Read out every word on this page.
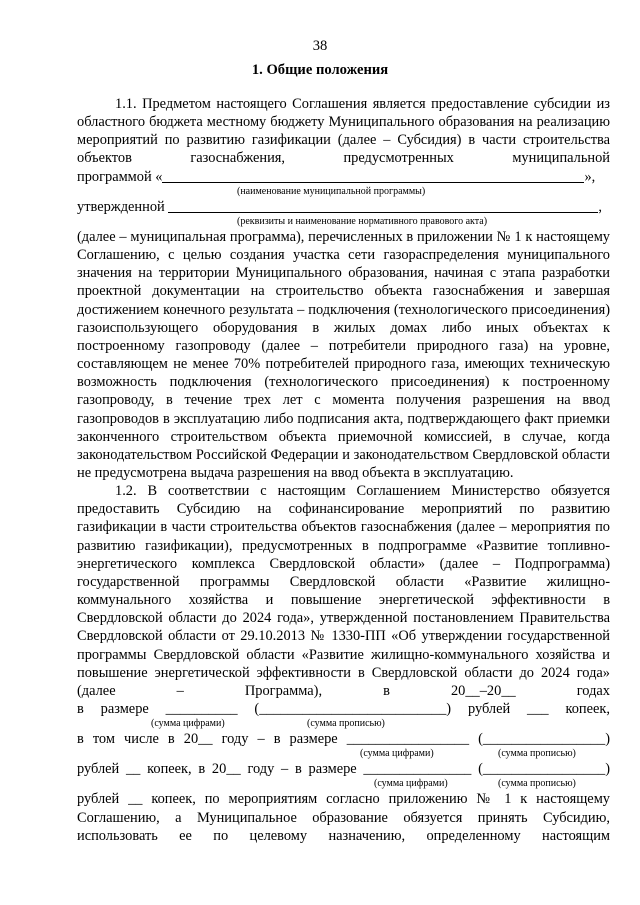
38
1. Общие положения

1.1. Предметом настоящего Соглашения является предоставление субсидии из областного бюджета местному бюджету Муниципального образования на реализацию мероприятий по развитию газификации (далее – Субсидия) в части строительства объектов газоснабжения, предусмотренных муниципальной

программой «	»,
(наименование муниципальной программы)
утвержденной	,
(реквизиты и наименование нормативного правового акта)

(далее – муниципальная программа), перечисленных в приложении № 1 к настоящему Соглашению, с целью создания участка сети газораспределения муниципального значения на территории Муниципального образования, начиная с этапа разработки проектной документации на строительство объекта газоснабжения и завершая достижением конечного результата – подключения (технологического присоединения) газоиспользующего оборудования в жилых домах либо иных объектах к построенному газопроводу (далее – потребители природного газа) на уровне, составляющем не менее 70% потребителей природного газа, имеющих техническую возможность подключения (технологического присоединения) к построенному газопроводу, в течение трех лет с момента получения разрешения на ввод газопроводов в эксплуатацию либо подписания акта, подтверждающего факт приемки законченного строительством объекта приемочной комиссией, в случае, когда законодательством Российской Федерации и законодательством Свердловской области не предусмотрена выдача разрешения на ввод объекта в эксплуатацию.

1.2. В соответствии с настоящим Соглашением Министерство обязуется предоставить Субсидию на софинансирование мероприятий по развитию газификации в части строительства объектов газоснабжения (далее – мероприятия по развитию газификации), предусмотренных в подпрограмме «Развитие топливно-энергетического комплекса Свердловской области» (далее – Подпрограмма) государственной программы Свердловской области «Развитие жилищно-коммунального хозяйства и повышение энергетической эффективности в Свердловской области до 2024 года», утвержденной постановлением Правительства Свердловской области от 29.10.2013 № 1330-ПП «Об утверждении государственной программы Свердловской области «Развитие жилищно-коммунального хозяйства и повышение энергетической эффективности в Свердловской области до 2024 года» (далее – Программа), в 20__–20__ годах

в размере __________ (__________________________) рублей ___ копеек,
(сумма цифрами)	(сумма прописью)
в том числе в 20__ году – в размере _________________ (_________________)
(сумма цифрами)	(сумма прописью)
рублей __ копеек, в 20__ году – в размере _______________ (_________________)
(сумма цифрами)	(сумма прописью)

рублей __ копеек, по мероприятиям согласно приложению № 1 к настоящему Соглашению, а Муниципальное образование обязуется принять Субсидию, использовать ее по целевому назначению, определенному настоящим
